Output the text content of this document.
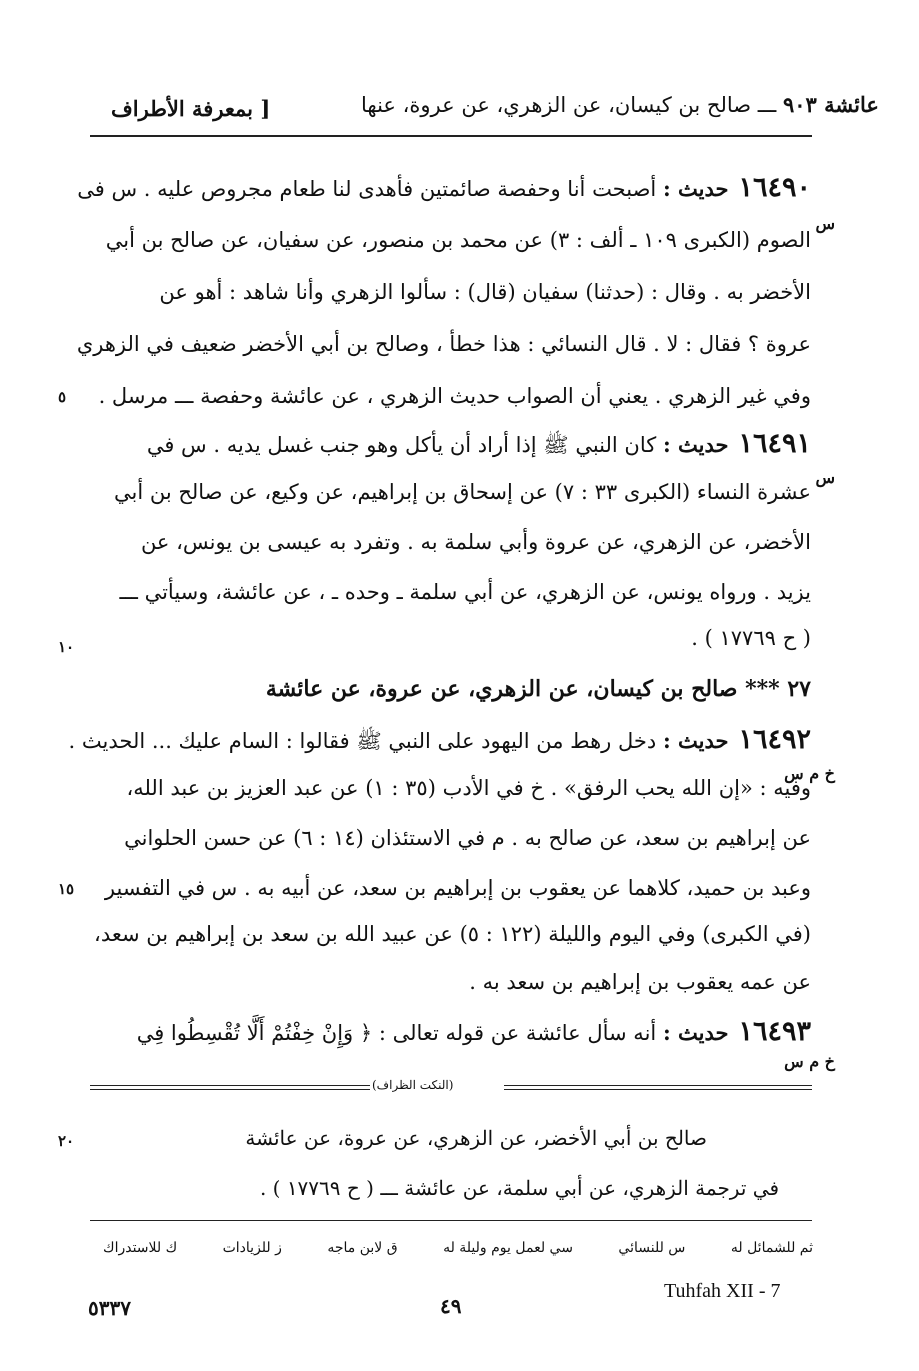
بمعرفة الأطراف ]	عائشة ٩٠٣ ـــ صالح بن كيسان، عن الزهري، عن عروة، عنها
١٦٤٩٠حديث : أصبحت أنا وحفصة صائمتين فأهدى لنا طعام مجروص عليه . س فى
س
الصوم (الكبرى ١٠٩ ـ ألف : ٣) عن محمد بن منصور، عن سفيان، عن صالح بن أبي
الأخضر به . وقال : (حدثنا) سفيان (قال) : سألوا الزهري وأنا شاهد : أهو عن
عروة ؟ فقال : لا . قال النسائي : هذا خطأ ، وصالح بن أبي الأخضر ضعيف في الزهري
وفي غير الزهري . يعني أن الصواب حديث الزهري ، عن عائشة وحفصة ـــ مرسل .
٥
١٦٤٩١حديث : كان النبي ﷺ إذا أراد أن يأكل وهو جنب غسل يديه . س في
س
عشرة النساء (الكبرى ٣٣ : ٧) عن إسحاق بن إبراهيم، عن وكيع، عن صالح بن أبي
الأخضر، عن الزهري، عن عروة وأبي سلمة به . وتفرد به عيسى بن يونس، عن
يزيد . ورواه يونس، عن الزهري، عن أبي سلمة ـ وحده ـ ، عن عائشة، وسيأتي ـــ
( ح ١٧٧٦٩ ) .
١٠
٢٧ *** صالح بن كيسان، عن الزهري، عن عروة، عن عائشة
١٦٤٩٢حديث : دخل رهط من اليهود على النبي ﷺ فقالوا : السام عليك ... الحديث .
خ م س
وفيه : «إن الله يحب الرفق» . خ في الأدب (٣٥ : ١) عن عبد العزيز بن عبد الله،
عن إبراهيم بن سعد، عن صالح به . م في الاستئذان (١٤ : ٦) عن حسن الحلواني
وعبد بن حميد، كلاهما عن يعقوب بن إبراهيم بن سعد، عن أبيه به . س في التفسير
١٥
(في الكبرى) وفي اليوم والليلة (١٢٢ : ٥) عن عبيد الله بن سعد بن إبراهيم بن سعد،
عن عمه يعقوب بن إبراهيم بن سعد به .
١٦٤٩٣حديث : أنه سأل عائشة عن قوله تعالى : ﴿ وَإِنْ خِفْتُمْ أَلَّا تُقْسِطُوا فِي
خ م س
(النكت الظراف)
صالح بن أبي الأخضر، عن الزهري، عن عروة، عن عائشة
٢٠
في ترجمة الزهري، عن أبي سلمة، عن عائشة ـــ ( ح ١٧٧٦٩ ) .
ثم للشمائل له
س للنسائي
سي لعمل يوم وليلة له
ق لابن ماجه
ز للزيادات
ك للاستدراك
٥٣٣٧	٤٩
Tuhfah XII - 7
